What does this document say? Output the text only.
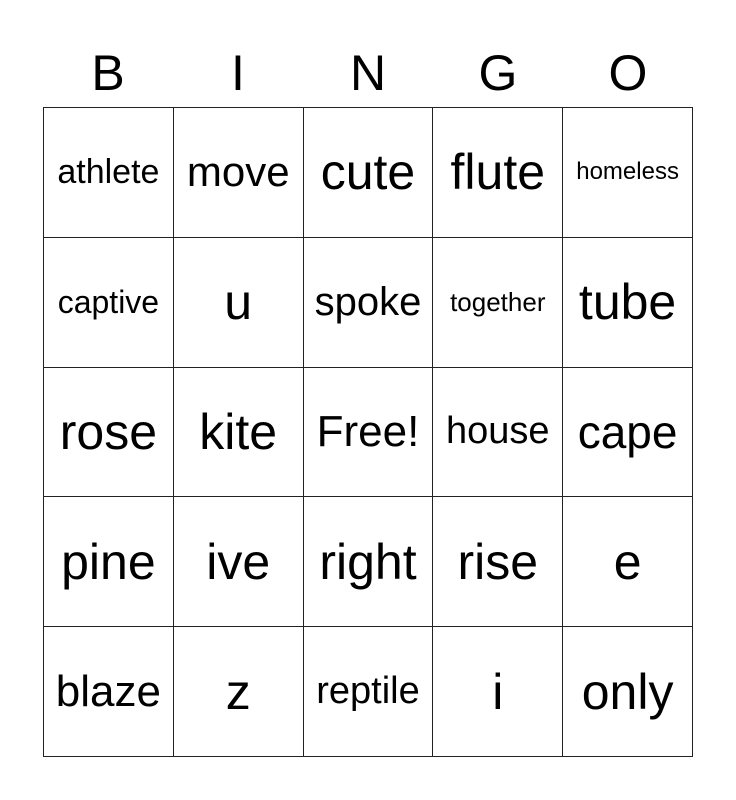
B	I	N	G	O
athlete move cute flute homeless
captive u spoke together tube
rose kite Free! house cape
pine ive right rise e
blaze z reptile i only
